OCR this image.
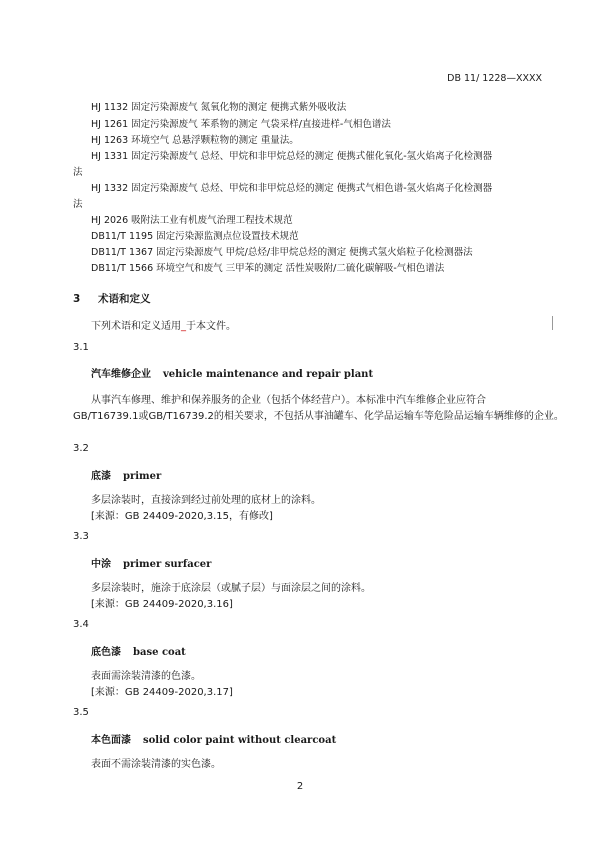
DB 11/ 1228—XXXX
HJ 1132 固定污染源废气 氮氧化物的测定 便携式紫外吸收法
HJ 1261 固定污染源废气 苯系物的测定 气袋采样/直接进样-气相色谱法
HJ 1263 环境空气 总悬浮颗粒物的测定 重量法。
HJ 1331 固定污染源废气 总烃、甲烷和非甲烷总烃的测定 便携式催化氧化-氢火焰离子化检测器
法
HJ 1332 固定污染源废气 总烃、甲烷和非甲烷总烃的测定 便携式气相色谱-氢火焰离子化检测器
法
HJ 2026 吸附法工业有机废气治理工程技术规范
DB11/T 1195 固定污染源监测点位设置技术规范
DB11/T 1367 固定污染源废气 甲烷/总烃/非甲烷总烃的测定 便携式氢火焰粒子化检测器法
DB11/T 1566 环境空气和废气 三甲苯的测定 活性炭吸附/二硫化碳解吸-气相色谱法
3 术语和定义
下列术语和定义适用_于本文件。
3.1
汽车维修企业 vehicle maintenance and repair plant
从事汽车修理、维护和保养服务的企业（包括个体经营户）。本标准中汽车维修企业应符合
GB/T16739.1或GB/T16739.2的相关要求，不包括从事油罐车、化学品运输车等危险品运输车辆维修的企业。
3.2
底漆 primer
多层涂装时，直接涂到经过前处理的底材上的涂料。
[来源：GB 24409-2020,3.15，有修改]
3.3
中涂 primer surfacer
多层涂装时，施涂于底涂层（或腻子层）与面涂层之间的涂料。
[来源：GB 24409-2020,3.16]
3.4
底色漆 base coat
表面需涂装清漆的色漆。
[来源：GB 24409-2020,3.17]
3.5
本色面漆 solid color paint without clearcoat
表面不需涂装清漆的实色漆。
2
